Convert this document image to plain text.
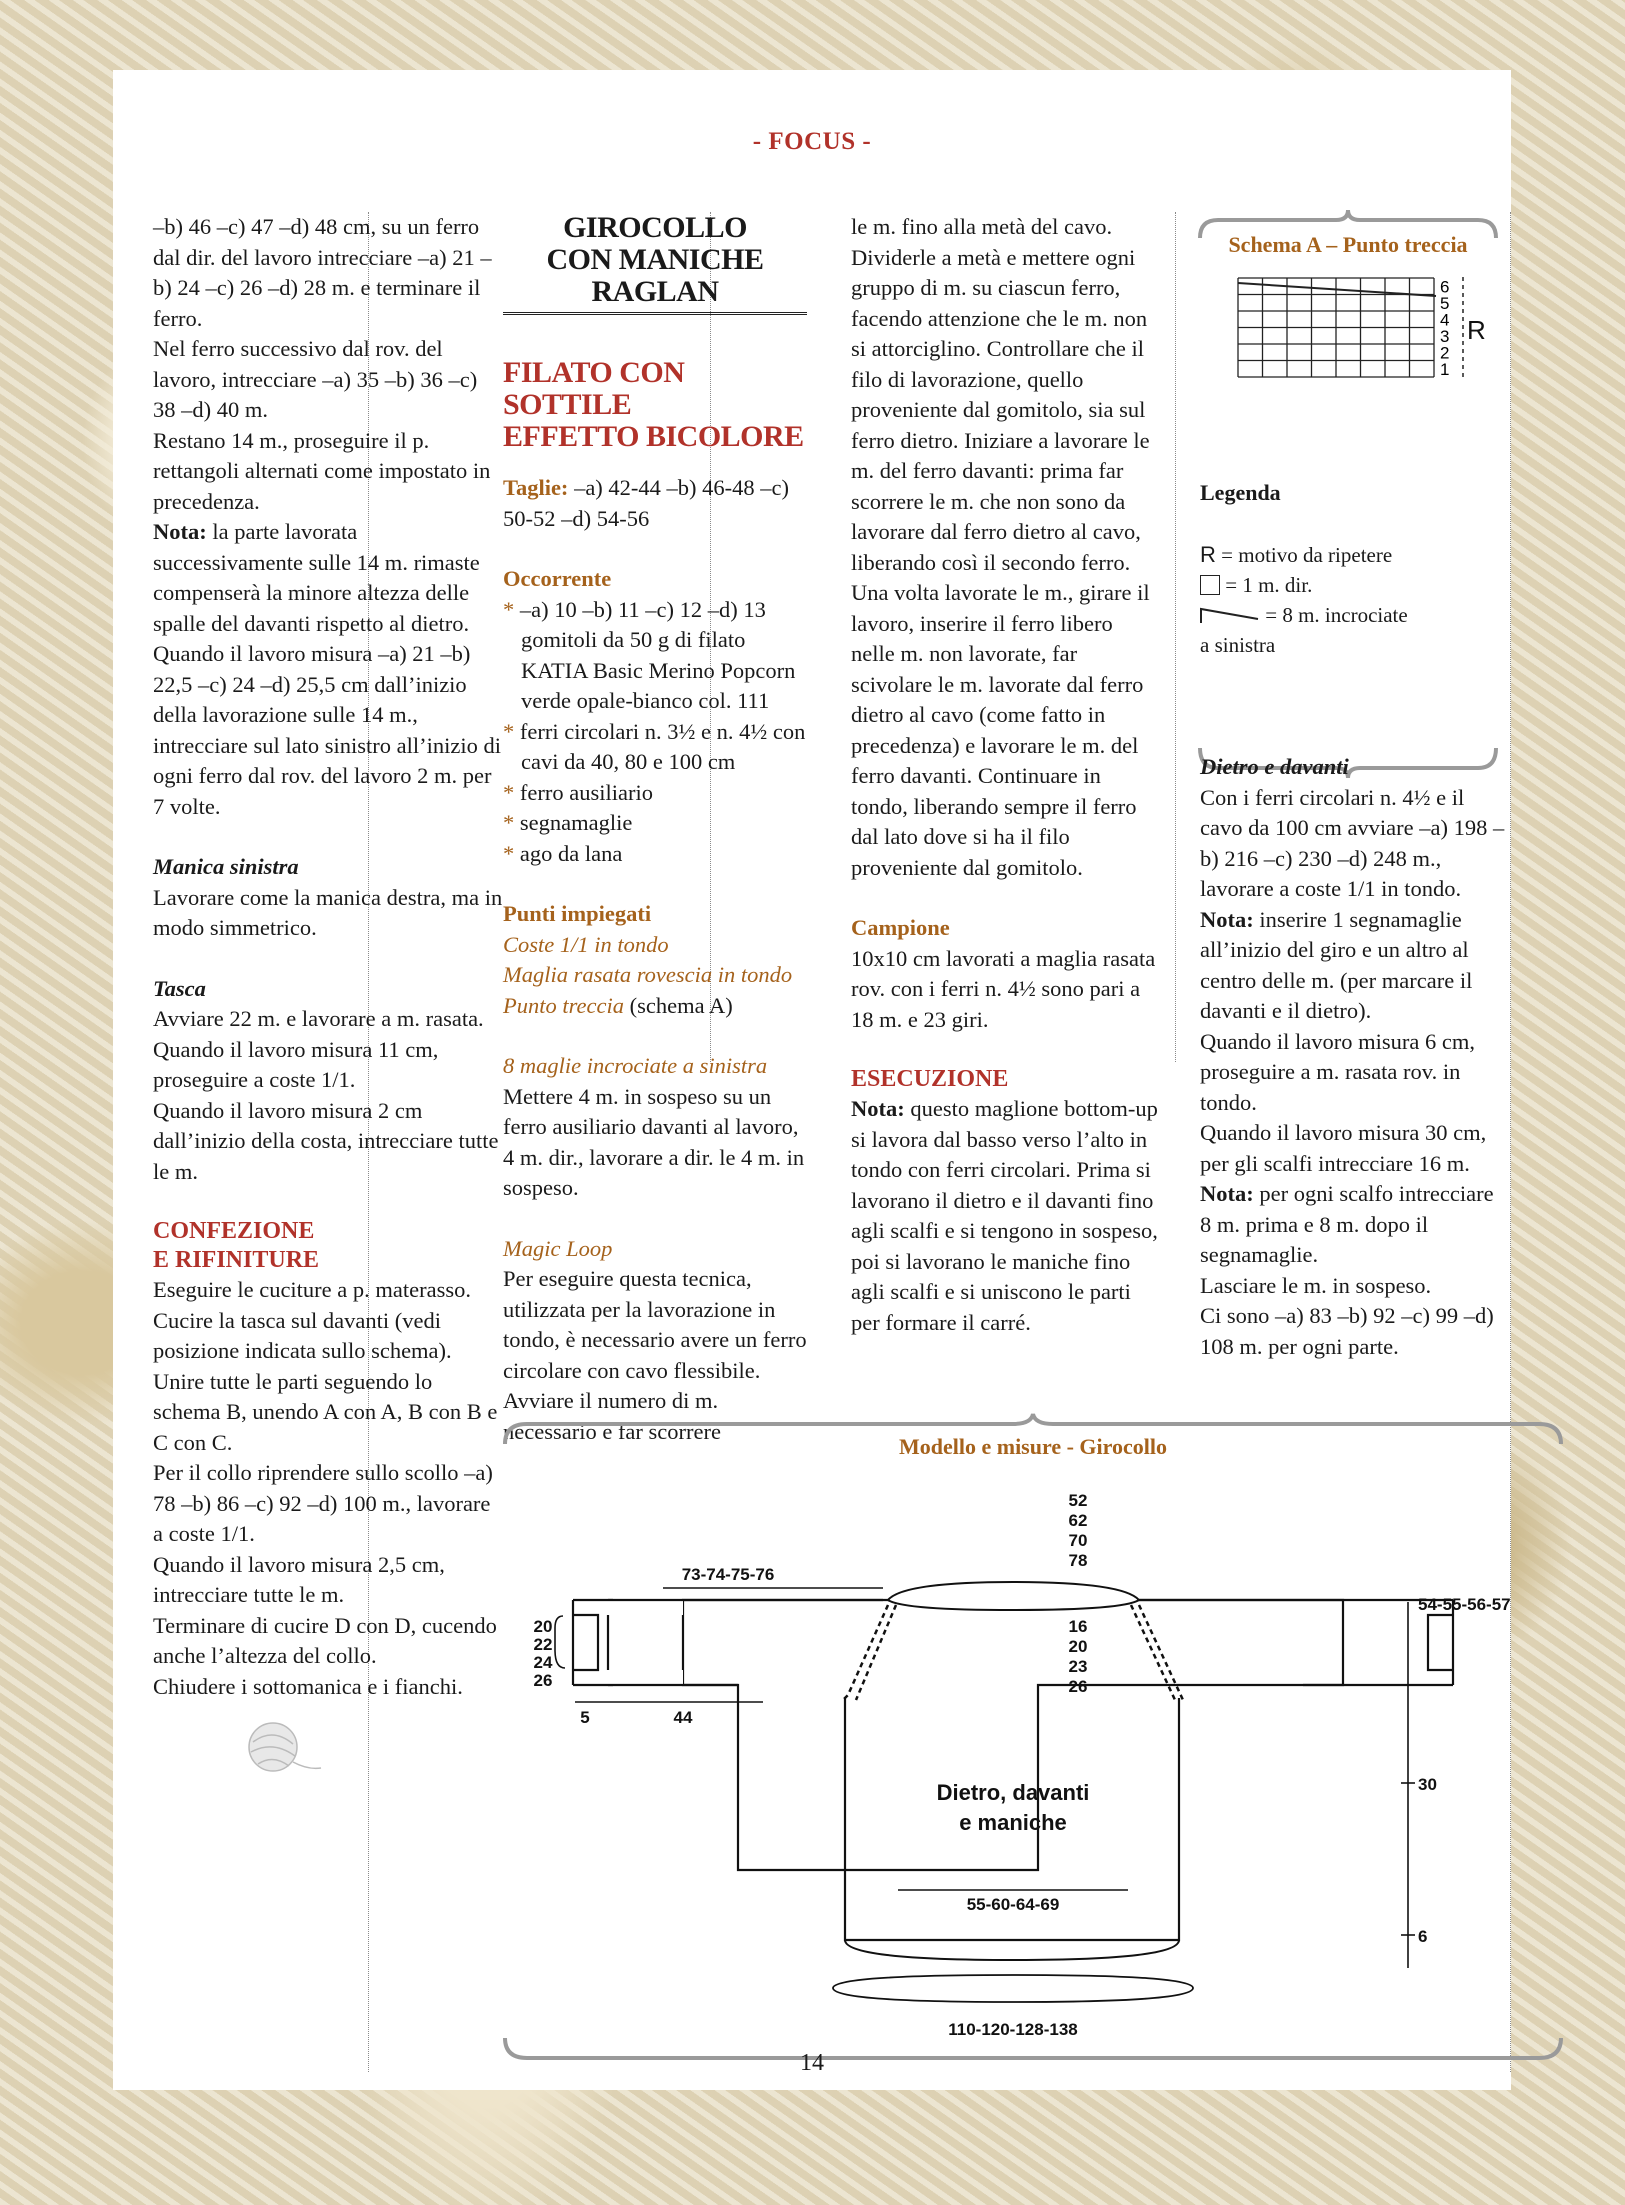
- FOCUS -

–b) 46 –c) 47 –d) 48 cm, su un ferro dal dir. del lavoro intrecciare –a) 21 –b) 24 –c) 26 –d) 28 m. e terminare il ferro.

Nel ferro successivo dal rov. del lavoro, intrecciare –a) 35 –b) 36 –c) 38 –d) 40 m.

Restano 14 m., proseguire il p. rettangoli alternati come impostato in precedenza.

Nota: la parte lavorata successivamente sulle 14 m. rimaste compenserà la minore altezza delle spalle del davanti rispetto al dietro.

Quando il lavoro misura –a) 21 –b) 22,5 –c) 24 –d) 25,5 cm dall’inizio della lavorazione sulle 14 m., intrecciare sul lato sinistro all’inizio di ogni ferro dal rov. del lavoro 2 m. per 7 volte.

Manica sinistra

Lavorare come la manica destra, ma in modo simmetrico.

Tasca

Avviare 22 m. e lavorare a m. rasata.

Quando il lavoro misura 11 cm, proseguire a coste 1/1.

Quando il lavoro misura 2 cm dall’inizio della costa, intrecciare tutte le m.

CONFEZIONE

E RIFINITURE

Eseguire le cuciture a p. materasso.

Cucire la tasca sul davanti (vedi posizione indicata sullo schema).

Unire tutte le parti seguendo lo schema B, unendo A con A, B con B e C con C.

Per il collo riprendere sullo scollo –a) 78 –b) 86 –c) 92 –d) 100 m., lavorare a coste 1/1.

Quando il lavoro misura 2,5 cm, intrecciare tutte le m.

Terminare di cucire D con D, cucendo anche l’altezza del collo.

Chiudere i sottomanica e i fianchi.

GIROCOLLO
CON MANICHE RAGLAN
FILATO CON SOTTILE
EFFETTO BICOLORE

Taglie: –a) 42-44 –b) 46-48 –c) 50-52 –d) 54-56

Occorrente

* –a) 10 –b) 11 –c) 12 –d) 13 gomitoli da 50 g di filato KATIA Basic Merino Popcorn verde opale-bianco col. 111

* ferri circolari n. 3½ e n. 4½ con cavi da 40, 80 e 100 cm

* ferro ausiliario

* segnamaglie

* ago da lana

Punti impiegati

Coste 1/1 in tondo

Maglia rasata rovescia in tondo

Punto treccia (schema A)

8 maglie incrociate a sinistra

Mettere 4 m. in sospeso su un ferro ausiliario davanti al lavoro, 4 m. dir., lavorare a dir. le 4 m. in sospeso.

Magic Loop

Per eseguire questa tecnica, utilizzata per la lavorazione in tondo, è necessario avere un ferro circolare con cavo flessibile. Avviare il numero di m. necessario e far scorrere

le m. fino alla metà del cavo. Dividerle a metà e mettere ogni gruppo di m. su ciascun ferro, facendo attenzione che le m. non si attorciglino. Controllare che il filo di lavorazione, quello proveniente dal gomitolo, sia sul ferro dietro. Iniziare a lavorare le m. del ferro davanti: prima far scorrere le m. che non sono da lavorare dal ferro dietro al cavo, liberando così il secondo ferro. Una volta lavorate le m., girare il lavoro, inserire il ferro libero nelle m. non lavorate, far scivolare le m. lavorate dal ferro dietro al cavo (come fatto in precedenza) e lavorare le m. del ferro davanti. Continuare in tondo, liberando sempre il ferro dal lato dove si ha il filo proveniente dal gomitolo.

Campione

10x10 cm lavorati a maglia rasata rov. con i ferri n. 4½ sono pari a 18 m. e 23 giri.

ESECUZIONE

Nota: questo maglione bottom-up si lavora dal basso verso l’alto in tondo con ferri circolari. Prima si lavorano il dietro e il davanti fino agli scalfi e si tengono in sospeso, poi si lavorano le maniche fino agli scalfi e si uniscono le parti per formare il carré.

Schema A – Punto treccia
6
5
4
3
2
1
R
Legenda
R = motivo da ripetere
= 1 m. dir.
= 8 m. incrociate
a sinistra

Dietro e davanti

Con i ferri circolari n. 4½ e il cavo da 100 cm avviare –a) 198 –b) 216 –c) 230 –d) 248 m., lavorare a coste 1/1 in tondo.

Nota: inserire 1 segnamaglie all’inizio del giro e un altro al centro delle m. (per marcare il davanti e il dietro).

Quando il lavoro misura 6 cm, proseguire a m. rasata rov. in tondo.

Quando il lavoro misura 30 cm, per gli scalfi intrecciare 16 m.

Nota: per ogni scalfo intrecciare 8 m. prima e 8 m. dopo il segnamaglie.

Lasciare le m. in sospeso.

Ci sono –a) 83 –b) 92 –c) 99 –d) 108 m. per ogni parte.

Modello e misure - Girocollo
52
62
70
78
16
20
23
26
20
22
24
26
73-74-75-76
5	44
55-60-64-69
110-120-128-138
54-55-56-57
30
6
Dietro, davanti
e maniche
14
